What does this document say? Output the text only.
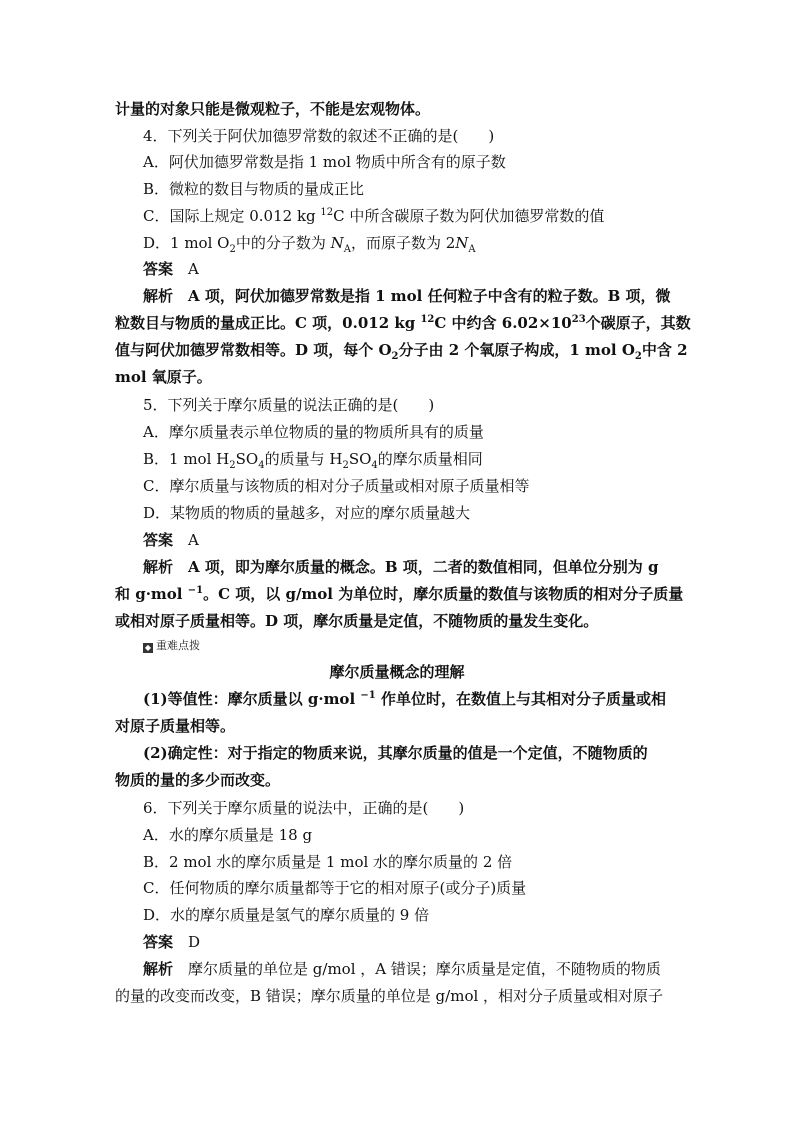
计量的对象只能是微观粒子，不能是宏观物体。
4．下列关于阿伏加德罗常数的叙述不正确的是(　　)
A．阿伏加德罗常数是指 1 mol 物质中所含有的原子数
B．微粒的数目与物质的量成正比
C．国际上规定 0.012 kg $^{12}$C 中所含碳原子数为阿伏加德罗常数的值
D．1 mol $O_2$中的分子数为 $N_A$，而原子数为 $2N_A$
答案　 A
解析　 A 项，阿伏加德罗常数是指 1 mol 任何粒子中含有的粒子数。B 项，微
粒数目与物质的量成正比。C 项，0.012 kg $^{12}$C 中约含 $6.02\times 10^{23}$个碳原子，其数
值与阿伏加德罗常数相等。D 项，每个 $O_2$分子由 2 个氧原子构成，1 mol $O_2$中含 2
mol 氧原子。
5．下列关于摩尔质量的说法正确的是(　　)
A．摩尔质量表示单位物质的量的物质所具有的质量
B．1 mol $H_2SO_4$的质量与 $H_2SO_4$的摩尔质量相同
C．摩尔质量与该物质的相对分子质量或相对原子质量相等
D．某物质的物质的量越多，对应的摩尔质量越大
答案　 A
解析　 A 项，即为摩尔质量的概念。B 项，二者的数值相同，但单位分别为 g
和 g·mol $^{-1}$。C 项，以 g/mol 为单位时，摩尔质量的数值与该物质的相对分子质量
或相对原子质量相等。D 项，摩尔质量是定值，不随物质的量发生变化。
◆ 重难点拨
摩尔质量概念的理解
(1)等值性：摩尔质量以 g·mol $^{-1}$ 作单位时，在数值上与其相对分子质量或相
对原子质量相等。
(2)确定性：对于指定的物质来说，其摩尔质量的值是一个定值，不随物质的
物质的量的多少而改变。
6．下列关于摩尔质量的说法中，正确的是(　　)
A．水的摩尔质量是 18 g
B．2 mol 水的摩尔质量是 1 mol 水的摩尔质量的 2 倍
C．任何物质的摩尔质量都等于它的相对原子(或分子)质量
D．水的摩尔质量是氢气的摩尔质量的 9 倍
答案　 D
解析　 摩尔质量的单位是 g/mol ，A 错误；摩尔质量是定值，不随物质的物质
的量的改变而改变，B 错误；摩尔质量的单位是 g/mol ，相对分子质量或相对原子
